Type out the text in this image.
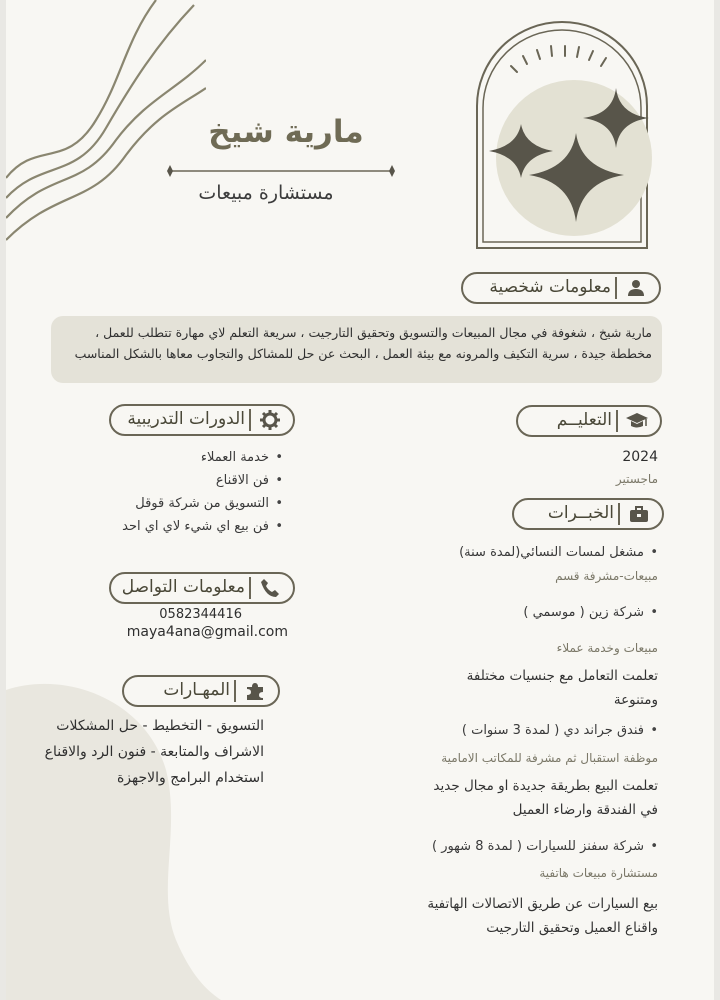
مارية شيخ
مستشارة مبيعات
معلومات شخصية
مارية شيخ ، شغوفة في مجال المبيعات والتسويق وتحقيق التارجيت ، سريعة التعلم لاي مهارة تتطلب للعمل ، مخططة جيدة ، سرية التكيف والمرونه مع بيئة العمل ، البحث عن حل للمشاكل والتجاوب معاها بالشكل المناسب
الدورات التدريبية
• خدمة العملاء
• فن الاقناع
• التسويق من شركة قوقل
• فن بيع اي شيء لاي اي احد
معلومات التواصل
0582344416
maya4ana@gmail.com
المهـارات
التسويق - التخطيط - حل المشكلات
الاشراف والمتابعة - فنون الرد والاقناع
استخدام البرامج والاجهزة
التعليــم
2024
ماجستير
الخبــرات
• مشغل لمسات النسائي(لمدة سنة)
مبيعات-مشرفة قسم
• شركة زين ( موسمي )
مبيعات وخدمة عملاء
تعلمت التعامل مع جنسيات مختلفة
ومتنوعة
• فندق جراند دي ( لمدة 3 سنوات )
موظفة استقبال ثم مشرفة للمكاتب الامامية
تعلمت البيع بطريقة جديدة او مجال جديد
في الفندقة وارضاء العميل
• شركة سفنز للسيارات ( لمدة 8 شهور )
مستشارة مبيعات هاتفية
بيع السيارات عن طريق الاتصالات الهاتفية
واقناع العميل وتحقيق التارجيت
